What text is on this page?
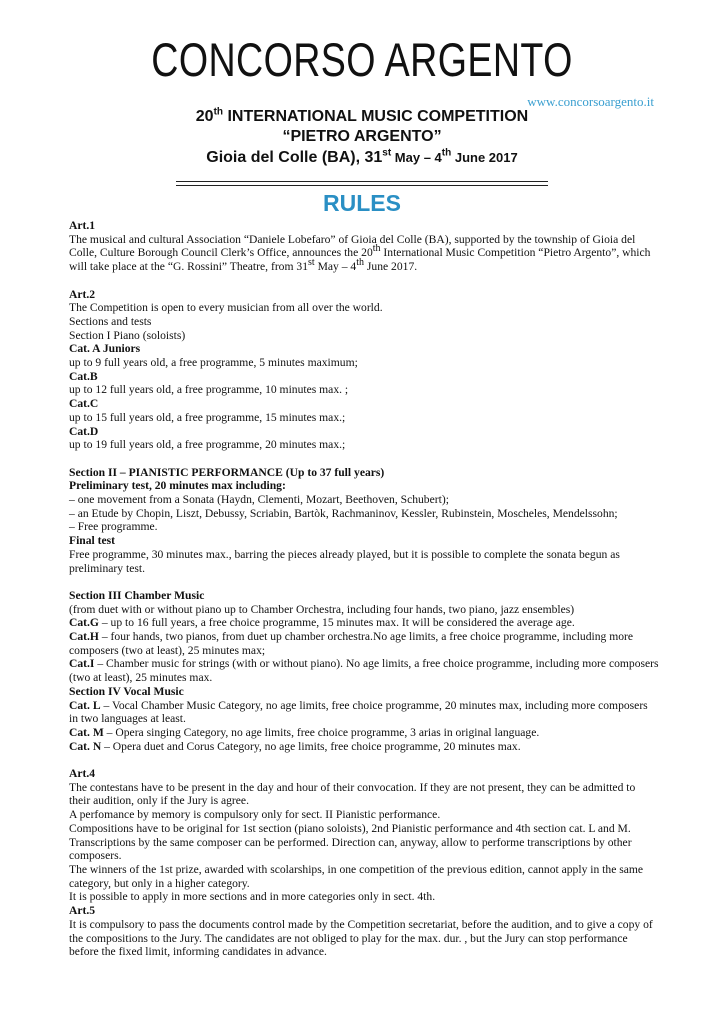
CONCORSO ARGENTO
www.concorsoargento.it
20th INTERNATIONAL MUSIC COMPETITION
“PIETRO ARGENTO”
Gioia del Colle (BA), 31st May – 4th June 2017
RULES

Art.1

The musical and cultural Association “Daniele Lobefaro” of Gioia del Colle (BA), supported by the township of Gioia del Colle, Culture Borough Council Clerk’s Office, announces the 20th International Music Competition “Pietro Argento”, which will take place at the “G. Rossini” Theatre, from 31st May – 4th June 2017.

Art.2

The Competition is open to every musician from all over the world.

Sections and tests

Section I Piano (soloists)

Cat. A Juniors

up to 9 full years old, a free programme, 5 minutes maximum;

Cat.B

up to 12 full years old, a free programme, 10 minutes max. ;

Cat.C

up to 15 full years old, a free programme, 15 minutes max.;

Cat.D

up to 19 full years old, a free programme, 20 minutes max.;

Section II – PIANISTIC PERFORMANCE (Up to 37 full years)

Preliminary test, 20 minutes max including:

– one movement from a Sonata (Haydn, Clementi, Mozart, Beethoven, Schubert);

– an Etude by Chopin, Liszt, Debussy, Scriabin, Bartòk, Rachmaninov, Kessler, Rubinstein, Moscheles, Mendelssohn;

– Free programme.

Final test

Free programme, 30 minutes max., barring the pieces already played, but it is possible to complete the sonata begun as preliminary test.

Section III Chamber Music

(from duet with or without piano up to Chamber Orchestra, including four hands, two piano, jazz ensembles)

Cat.G – up to 16 full years, a free choice programme, 15 minutes max. It will be considered the average age.

Cat.H – four hands, two pianos, from duet up chamber orchestra.No age limits, a free choice programme, including more composers (two at least), 25 minutes max;

Cat.I – Chamber music for strings (with or without piano). No age limits, a free choice programme, including more composers (two at least), 25 minutes max.

Section IV Vocal Music

Cat. L – Vocal Chamber Music Category, no age limits, free choice programme, 20 minutes max, including more composers in two languages at least.

Cat. M – Opera singing Category, no age limits, free choice programme, 3 arias in original language.

Cat. N – Opera duet and Corus Category, no age limits, free choice programme, 20 minutes max.

Art.4

The contestans have to be present in the day and hour of their convocation. If they are not present, they can be admitted to their audition, only if the Jury is agree.

A perfomance by memory is compulsory only for sect. II Pianistic performance.

Compositions have to be original for 1st section (piano soloists), 2nd Pianistic performance and 4th section cat. L and M.

Transcriptions by the same composer can be performed. Direction can, anyway, allow to performe transcriptions by other composers.

The winners of the 1st prize, awarded with scolarships, in one competition of the previous edition, cannot apply in the same category, but only in a higher category.

It is possible to apply in more sections and in more categories only in sect. 4th.

Art.5

It is compulsory to pass the documents control made by the Competition secretariat, before the audition, and to give a copy of the compositions to the Jury. The candidates are not obliged to play for the max. dur. , but the Jury can stop performance before the fixed limit, informing candidates in advance.
